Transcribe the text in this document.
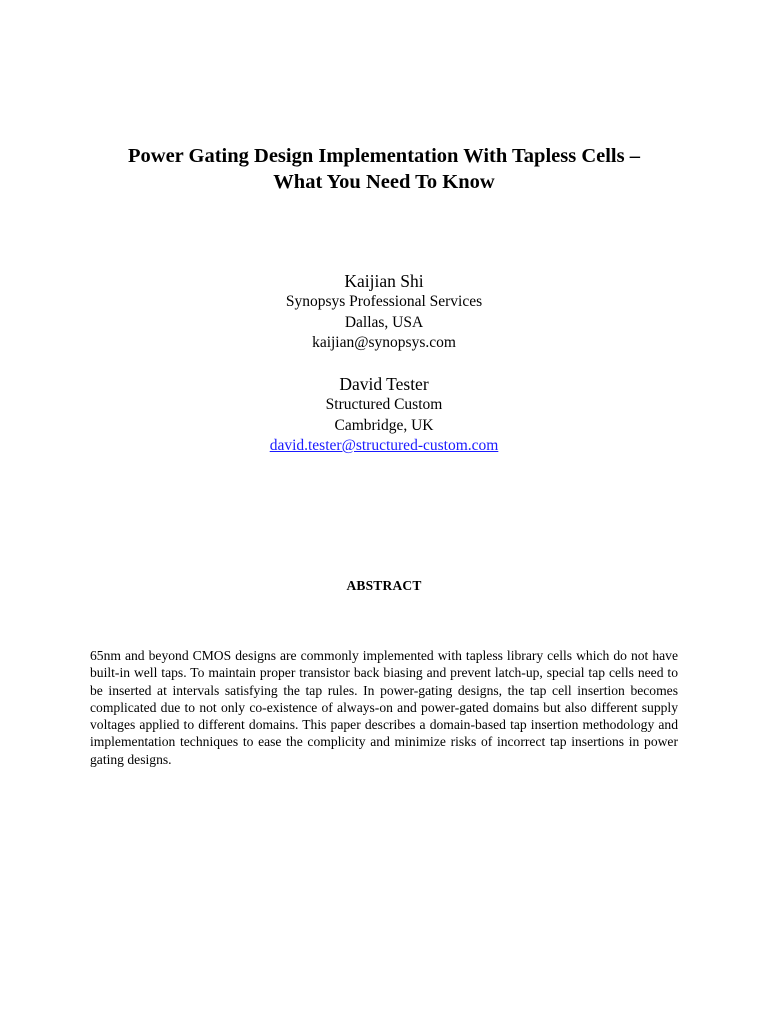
Power Gating Design Implementation With Tapless Cells –
What You Need To Know

Kaijian Shi

Synopsys Professional Services

Dallas, USA

kaijian@synopsys.com

David Tester

Structured Custom

Cambridge, UK

david.tester@structured-custom.com

ABSTRACT

65nm and beyond CMOS designs are commonly implemented with tapless library cells which do not have built-in well taps. To maintain proper transistor back biasing and prevent latch-up, special tap cells need to be inserted at intervals satisfying the tap rules. In power-gating designs, the tap cell insertion becomes complicated due to not only co-existence of always-on and power-gated domains but also different supply voltages applied to different domains. This paper describes a domain-based tap insertion methodology and implementation techniques to ease the complicity and minimize risks of incorrect tap insertions in power gating designs.
